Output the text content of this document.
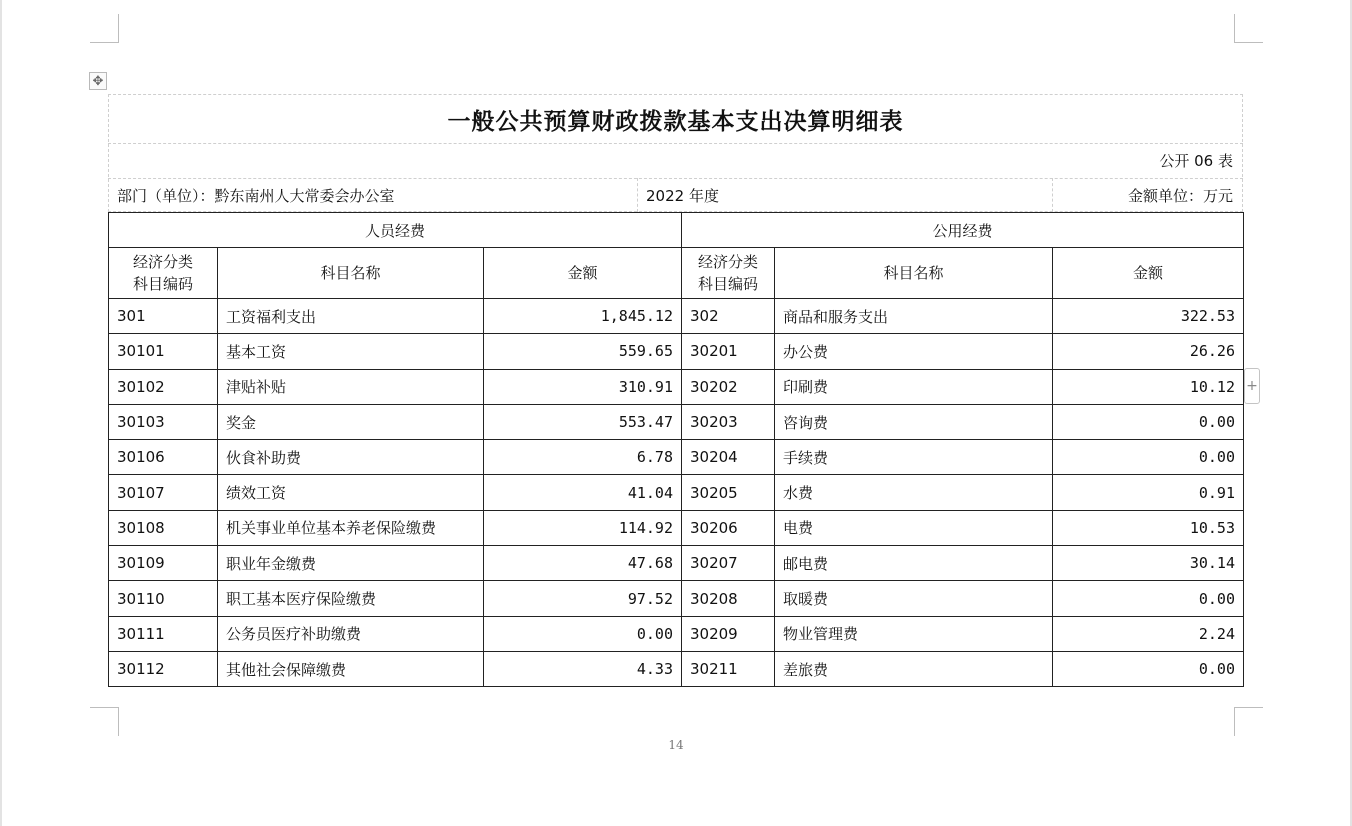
✥
+
一般公共预算财政拨款基本支出决算明细表
公开 06 表
部门（单位）：黔东南州人大常委会办公室	2022 年度	金额单位：万元
人员经费			公用经费		
经济分类科目编码	科目名称	金额	经济分类科目编码	科目名称	金额
301	工资福利支出	1,845.12	302	商品和服务支出	322.53
30101	基本工资	559.65	30201	办公费	26.26
30102	津贴补贴	310.91	30202	印刷费	10.12
30103	奖金	553.47	30203	咨询费	0.00
30106	伙食补助费	6.78	30204	手续费	0.00
30107	绩效工资	41.04	30205	水费	0.91
30108	机关事业单位基本养老保险缴费	114.92	30206	电费	10.53
30109	职业年金缴费	47.68	30207	邮电费	30.14
30110	职工基本医疗保险缴费	97.52	30208	取暖费	0.00
30111	公务员医疗补助缴费	0.00	30209	物业管理费	2.24
30112	其他社会保障缴费	4.33	30211	差旅费	0.00
14
